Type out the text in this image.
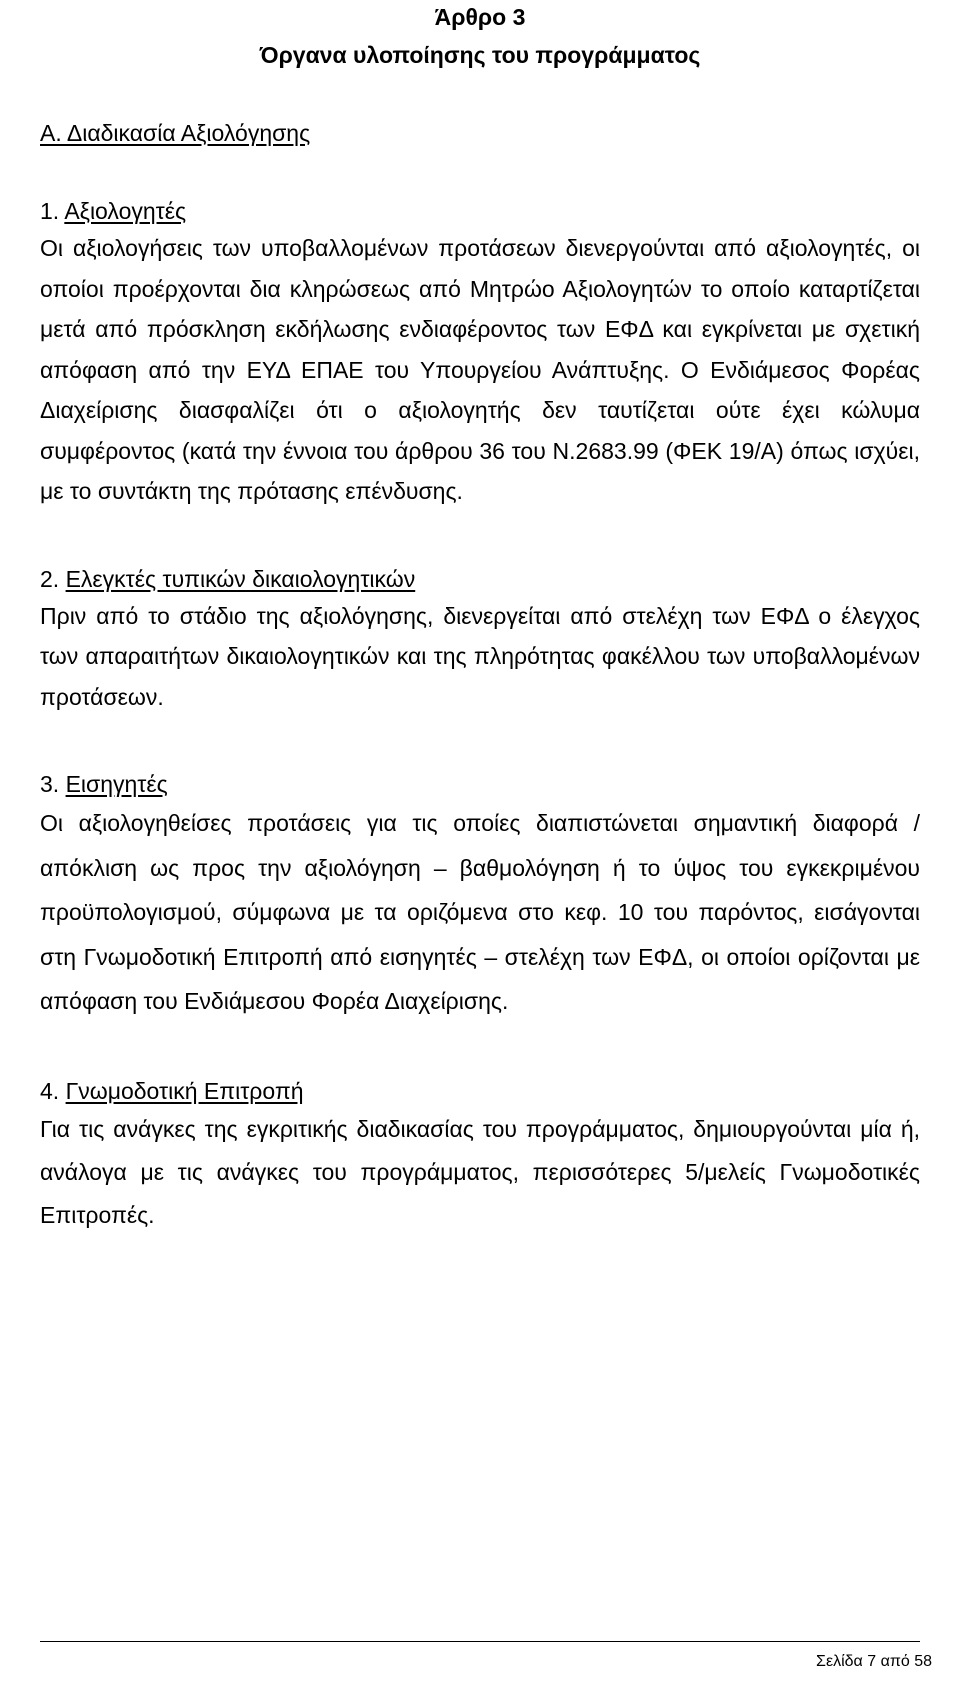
Άρθρο 3

Όργανα υλοποίησης του προγράμματος

Α. Διαδικασία Αξιολόγησης

1. Αξιολογητές

Οι αξιολογήσεις των υποβαλλομένων προτάσεων διενεργούνται από αξιολογητές, οι οποίοι προέρχονται δια κληρώσεως από Μητρώο Αξιολογητών το οποίο καταρτίζεται μετά από πρόσκληση εκδήλωσης ενδιαφέροντος των ΕΦΔ και εγκρίνεται με σχετική απόφαση από την ΕΥΔ ΕΠΑΕ του Υπουργείου Ανάπτυξης. Ο Ενδιάμεσος Φορέας Διαχείρισης διασφαλίζει ότι ο αξιολογητής δεν ταυτίζεται ούτε έχει κώλυμα συμφέροντος (κατά την έννοια του άρθρου 36 του Ν.2683.99 (ΦΕΚ 19/Α) όπως ισχύει, με το συντάκτη της πρότασης επένδυσης.

2. Ελεγκτές τυπικών δικαιολογητικών

Πριν από το στάδιο της αξιολόγησης, διενεργείται από στελέχη των ΕΦΔ ο έλεγχος των απαραιτήτων δικαιολογητικών και της πληρότητας φακέλλου των υποβαλλομένων προτάσεων.

3. Εισηγητές

Οι αξιολογηθείσες προτάσεις για τις οποίες διαπιστώνεται σημαντική διαφορά / απόκλιση ως προς την αξιολόγηση – βαθμολόγηση ή το ύψος του εγκεκριμένου προϋπολογισμού, σύμφωνα με τα οριζόμενα στο κεφ. 10 του παρόντος, εισάγονται στη Γνωμοδοτική Επιτροπή από εισηγητές – στελέχη των ΕΦΔ, οι οποίοι ορίζονται με απόφαση του Ενδιάμεσου Φορέα Διαχείρισης.

4. Γνωμοδοτική Επιτροπή

Για τις ανάγκες της εγκριτικής διαδικασίας του προγράμματος, δημιουργούνται μία ή, ανάλογα με τις ανάγκες του προγράμματος, περισσότερες 5/μελείς Γνωμοδοτικές Επιτροπές.

Σελίδα 7 από 58
